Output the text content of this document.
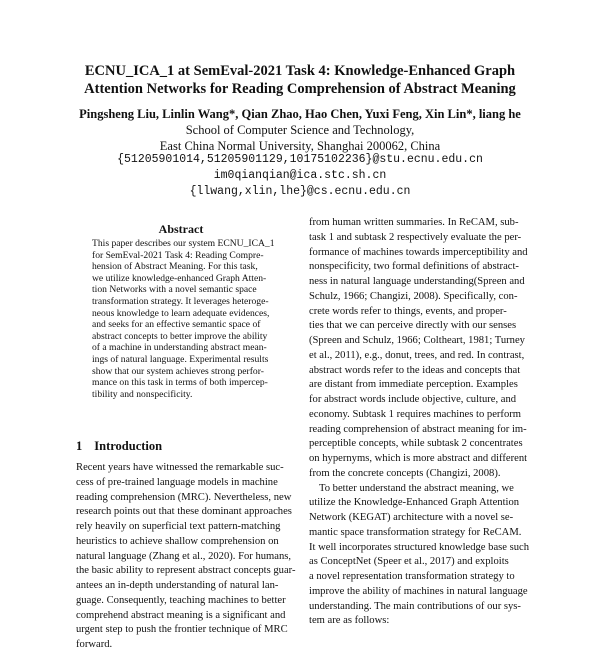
ECNU_ICA_1 at SemEval-2021 Task 4: Knowledge-Enhanced Graph
Attention Networks for Reading Comprehension of Abstract Meaning
Pingsheng Liu, Linlin Wang*, Qian Zhao, Hao Chen, Yuxi Feng, Xin Lin*, liang he
School of Computer Science and Technology,
East China Normal University, Shanghai 200062, China
{51205901014,51205901129,10175102236}@stu.ecnu.edu.cn
im0qianqian@ica.stc.sh.cn
{llwang,xlin,lhe}@cs.ecnu.edu.cn
Abstract
This paper describes our system ECNU_ICA_1
for SemEval-2021 Task 4: Reading Compre-
hension of Abstract Meaning. For this task,
we utilize knowledge-enhanced Graph Atten-
tion Networks with a novel semantic space
transformation strategy. It leverages heteroge-
neous knowledge to learn adequate evidences,
and seeks for an effective semantic space of
abstract concepts to better improve the ability
of a machine in understanding abstract mean-
ings of natural language. Experimental results
show that our system achieves strong perfor-
mance on this task in terms of both impercep-
tibility and nonspecificity.
1 Introduction
Recent years have witnessed the remarkable suc-
cess of pre-trained language models in machine
reading comprehension (MRC). Nevertheless, new
research points out that these dominant approaches
rely heavily on superficial text pattern-matching
heuristics to achieve shallow comprehension on
natural language (Zhang et al., 2020). For humans,
the basic ability to represent abstract concepts guar-
antees an in-depth understanding of natural lan-
guage. Consequently, teaching machines to better
comprehend abstract meaning is a significant and
urgent step to push the frontier technique of MRC
forward.
from human written summaries. In ReCAM, sub-
task 1 and subtask 2 respectively evaluate the per-
formance of machines towards imperceptibility and
nonspecificity, two formal definitions of abstract-
ness in natural language understanding(Spreen and
Schulz, 1966; Changizi, 2008). Specifically, con-
crete words refer to things, events, and proper-
ties that we can perceive directly with our senses
(Spreen and Schulz, 1966; Coltheart, 1981; Turney
et al., 2011), e.g., donut, trees, and red. In contrast,
abstract words refer to the ideas and concepts that
are distant from immediate perception. Examples
for abstract words include objective, culture, and
economy. Subtask 1 requires machines to perform
reading comprehension of abstract meaning for im-
perceptible concepts, while subtask 2 concentrates
on hypernyms, which is more abstract and different
from the concrete concepts (Changizi, 2008).
To better understand the abstract meaning, we
utilize the Knowledge-Enhanced Graph Attention
Network (KEGAT) architecture with a novel se-
mantic space transformation strategy for ReCAM.
It well incorporates structured knowledge base such
as ConceptNet (Speer et al., 2017) and exploits
a novel representation transformation strategy to
improve the ability of machines in natural language
understanding. The main contributions of our sys-
tem are as follows:
